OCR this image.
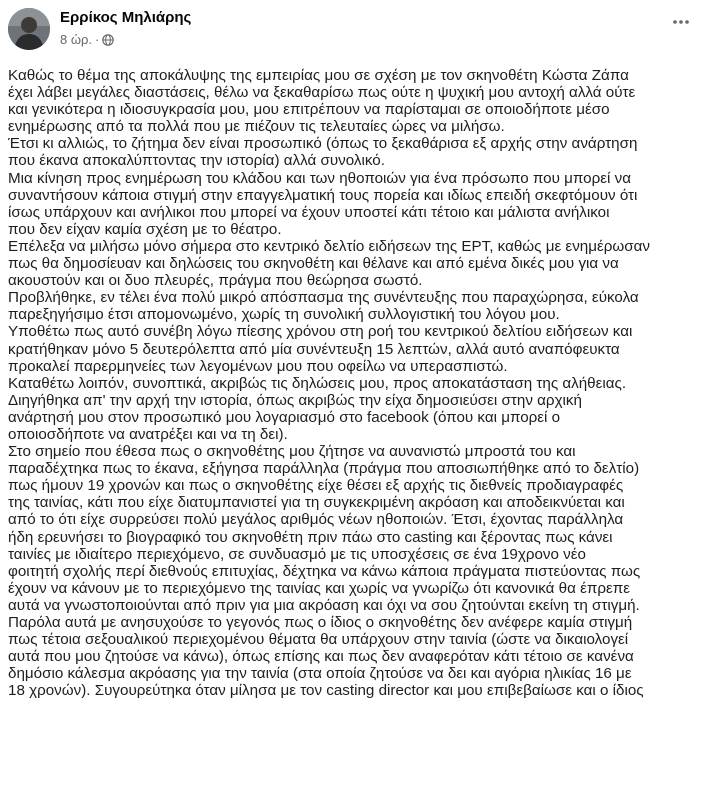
Ερρίκος Μηλιάρης
8 ώρ. ·

Καθώς το θέμα της αποκάλυψης της εμπειρίας μου σε σχέση με τον σκηνοθέτη Κώστα Ζάπα
έχει λάβει μεγάλες διαστάσεις, θέλω να ξεκαθαρίσω πως ούτε η ψυχική μου αντοχή αλλά ούτε
και γενικότερα η ιδιοσυγκρασία μου, μου επιτρέπουν να παρίσταμαι σε οποιοδήποτε μέσο
ενημέρωσης από τα πολλά που με πιέζουν τις τελευταίες ώρες να μιλήσω.

Έτσι κι αλλιώς, το ζήτημα δεν είναι προσωπικό (όπως το ξεκαθάρισα εξ αρχής στην ανάρτηση
που έκανα αποκαλύπτοντας την ιστορία) αλλά συνολικό.

Μια κίνηση προς ενημέρωση του κλάδου και των ηθοποιών για ένα πρόσωπο που μπορεί να
συναντήσουν κάποια στιγμή στην επαγγελματική τους πορεία και ιδίως επειδή σκεφτόμουν ότι
ίσως υπάρχουν και ανήλικοι που μπορεί να έχουν υποστεί κάτι τέτοιο και μάλιστα ανήλικοι
που δεν είχαν καμία σχέση με το θέατρο.

Επέλεξα να μιλήσω μόνο σήμερα στο κεντρικό δελτίο ειδήσεων της ΕΡΤ, καθώς με ενημέρωσαν
πως θα δημοσίευαν και δηλώσεις του σκηνοθέτη και θέλανε και από εμένα δικές μου για να
ακουστούν και οι δυο πλευρές, πράγμα που θεώρησα σωστό.

Προβλήθηκε, εν τέλει ένα πολύ μικρό απόσπασμα της συνέντευξης που παραχώρησα, εύκολα
παρεξηγήσιμο έτσι απομονωμένο, χωρίς τη συνολική συλλογιστική του λόγου μου.

Υποθέτω πως αυτό συνέβη λόγω πίεσης χρόνου στη ροή του κεντρικού δελτίου ειδήσεων και
κρατήθηκαν μόνο 5 δευτερόλεπτα από μία συνέντευξη 15 λεπτών, αλλά αυτό αναπόφευκτα
προκαλεί παρερμηνείες των λεγομένων μου που οφείλω να υπερασπιστώ.

Καταθέτω λοιπόν, συνοπτικά, ακριβώς τις δηλώσεις μου, προς αποκατάσταση της αλήθειας.

Διηγήθηκα απ' την αρχή την ιστορία, όπως ακριβώς την είχα δημοσιεύσει στην αρχική
ανάρτησή μου στον προσωπικό μου λογαριασμό στο facebook (όπου και μπορεί ο
οποιοσδήποτε να ανατρέξει και να τη δει).

Στο σημείο που έθεσα πως ο σκηνοθέτης μου ζήτησε να αυνανιστώ μπροστά του και
παραδέχτηκα πως το έκανα, εξήγησα παράλληλα (πράγμα που αποσιωπήθηκε από το δελτίο)
πως ήμουν 19 χρονών και πως ο σκηνοθέτης είχε θέσει εξ αρχής τις διεθνείς προδιαγραφές
της ταινίας, κάτι που είχε διατυμπανιστεί για τη συγκεκριμένη ακρόαση και αποδεικνύεται και
από το ότι είχε συρρεύσει πολύ μεγάλος αριθμός νέων ηθοποιών. Έτσι, έχοντας παράλληλα
ήδη ερευνήσει το βιογραφικό του σκηνοθέτη πριν πάω στο casting και ξέροντας πως κάνει
ταινίες με ιδιαίτερο περιεχόμενο, σε συνδυασμό με τις υποσχέσεις σε ένα 19χρονο νέο
φοιτητή σχολής περί διεθνούς επιτυχίας, δέχτηκα να κάνω κάποια πράγματα πιστεύοντας πως
έχουν να κάνουν με το περιεχόμενο της ταινίας και χωρίς να γνωρίζω ότι κανονικά θα έπρεπε
αυτά να γνωστοποιούνται από πριν για μια ακρόαση και όχι να σου ζητούνται εκείνη τη στιγμή.

Παρόλα αυτά με ανησυχούσε το γεγονός πως ο ίδιος ο σκηνοθέτης δεν ανέφερε καμία στιγμή
πως τέτοια σεξουαλικού περιεχομένου θέματα θα υπάρχουν στην ταινία (ώστε να δικαιολογεί
αυτά που μου ζητούσε να κάνω), όπως επίσης και πως δεν αναφερόταν κάτι τέτοιο σε κανένα
δημόσιο κάλεσμα ακρόασης για την ταινία (στα οποία ζητούσε να δει και αγόρια ηλικίας 16 με
18 χρονών). Συγουρεύτηκα όταν μίλησα με τον casting director και μου επιβεβαίωσε και ο ίδιος
